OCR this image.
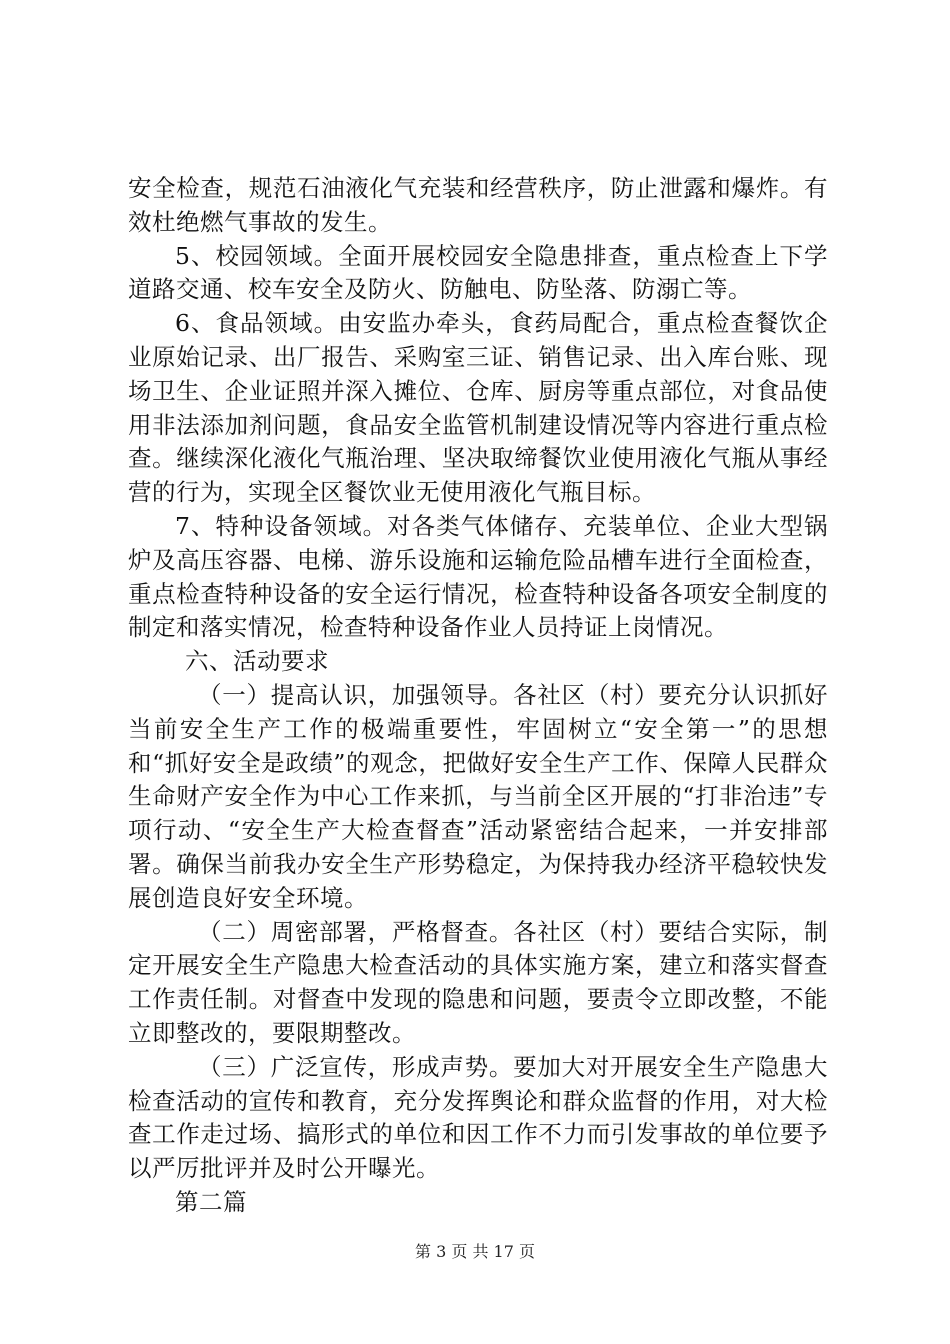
安全检查，规范石油液化气充装和经营秩序，防止泄露和爆炸。有效杜绝燃气事故的发生。

5、校园领域。全面开展校园安全隐患排查，重点检查上下学道路交通、校车安全及防火、防触电、防坠落、防溺亡等。

6、食品领域。由安监办牵头，食药局配合，重点检查餐饮企业原始记录、出厂报告、采购室三证、销售记录、出入库台账、现场卫生、企业证照并深入摊位、仓库、厨房等重点部位，对食品使用非法添加剂问题，食品安全监管机制建设情况等内容进行重点检查。继续深化液化气瓶治理、坚决取缔餐饮业使用液化气瓶从事经营的行为，实现全区餐饮业无使用液化气瓶目标。

7、特种设备领域。对各类气体储存、充装单位、企业大型锅炉及高压容器、电梯、游乐设施和运输危险品槽车进行全面检查，重点检查特种设备的安全运行情况，检查特种设备各项安全制度的制定和落实情况，检查特种设备作业人员持证上岗情况。

六、活动要求

（一）提高认识，加强领导。各社区（村）要充分认识抓好当前安全生产工作的极端重要性，牢固树立“安全第一”的思想和“抓好安全是政绩”的观念，把做好安全生产工作、保障人民群众生命财产安全作为中心工作来抓，与当前全区开展的“打非治违”专项行动、“安全生产大检查督查”活动紧密结合起来，一并安排部署。确保当前我办安全生产形势稳定，为保持我办经济平稳较快发展创造良好安全环境。

（二）周密部署，严格督查。各社区（村）要结合实际，制定开展安全生产隐患大检查活动的具体实施方案，建立和落实督查工作责任制。对督查中发现的隐患和问题，要责令立即改整，不能立即整改的，要限期整改。

（三）广泛宣传，形成声势。要加大对开展安全生产隐患大检查活动的宣传和教育，充分发挥舆论和群众监督的作用，对大检查工作走过场、搞形式的单位和因工作不力而引发事故的单位要予以严厉批评并及时公开曝光。

第二篇

第 3 页 共 17 页
